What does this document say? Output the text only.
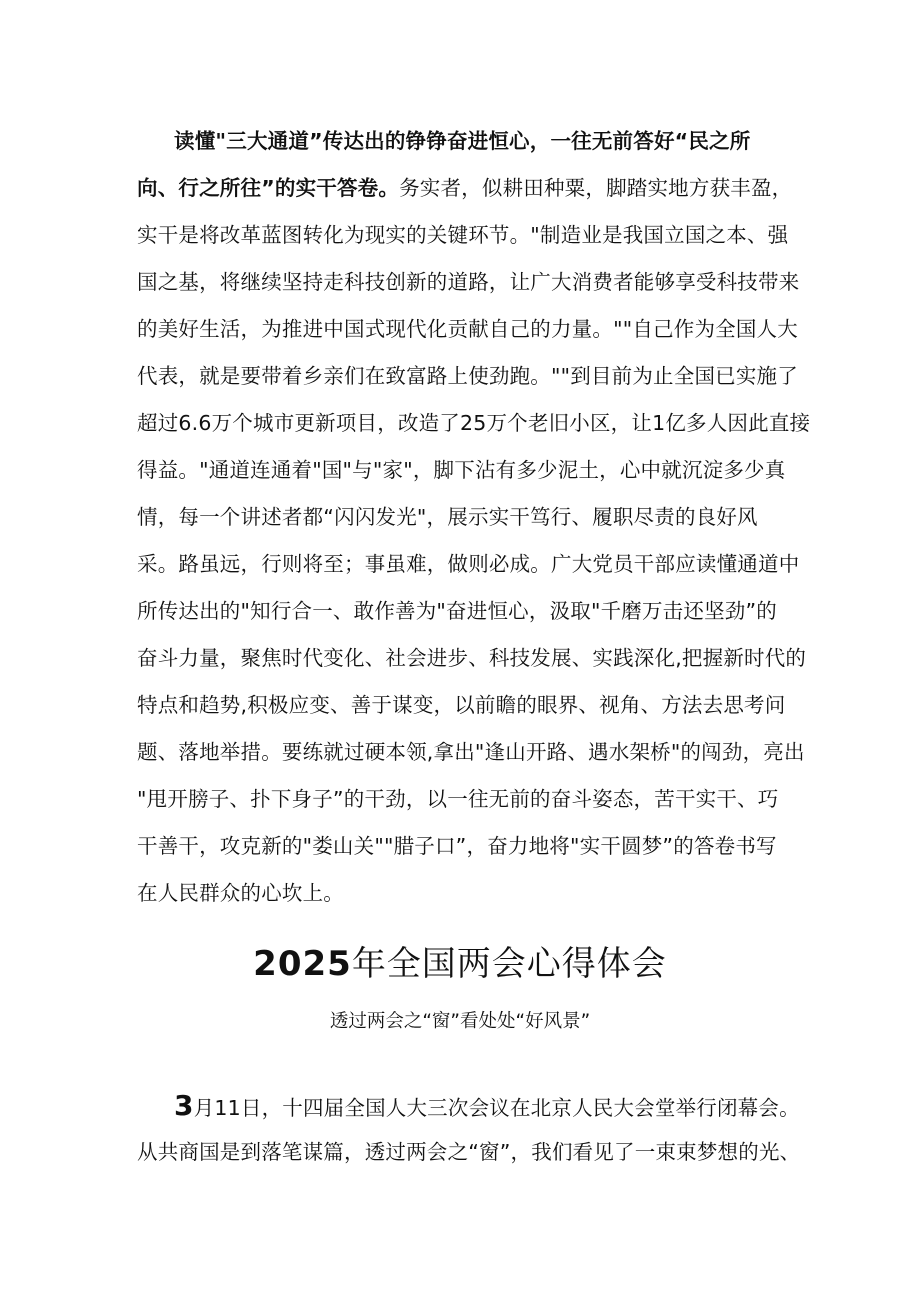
读懂"三大通道”传达出的铮铮奋进恒心，一往无前答好“民之所
向、行之所往”的实干答卷。务实者，似耕田种粟，脚踏实地方获丰盈，
实干是将改革蓝图转化为现实的关键环节。"制造业是我国立国之本、强
国之基，将继续坚持走科技创新的道路，让广大消费者能够享受科技带来
的美好生活，为推进中国式现代化贡献自己的力量。""自己作为全国人大
代表，就是要带着乡亲们在致富路上使劲跑。""到目前为止全国已实施了
超过6.6万个城市更新项目，改造了25万个老旧小区，让1亿多人因此直接
得益。"通道连通着"国"与"家"，脚下沾有多少泥土，心中就沉淀多少真
情，每一个讲述者都“闪闪发光"，展示实干笃行、履职尽责的良好风
采。路虽远，行则将至；事虽难，做则必成。广大党员干部应读懂通道中
所传达出的"知行合一、敢作善为"奋进恒心，汲取"千磨万击还坚劲”的
奋斗力量，聚焦时代变化、社会进步、科技发展、实践深化,把握新时代的
特点和趋势,积极应变、善于谋变，以前瞻的眼界、视角、方法去思考问
题、落地举措。要练就过硬本领,拿出"逢山开路、遇水架桥"的闯劲，亮出
"甩开膀子、扑下身子”的干劲，以一往无前的奋斗姿态，苦干实干、巧
干善干，攻克新的"娄山关""腊子口”，奋力地将"实干圆梦”的答卷书写
在人民群众的心坎上。
2025年全国两会心得体会
透过两会之“窗”看处处“好风景”
3月11日，十四届全国人大三次会议在北京人民大会堂举行闭幕会。
从共商国是到落笔谋篇，透过两会之“窗”，我们看见了一束束梦想的光、
